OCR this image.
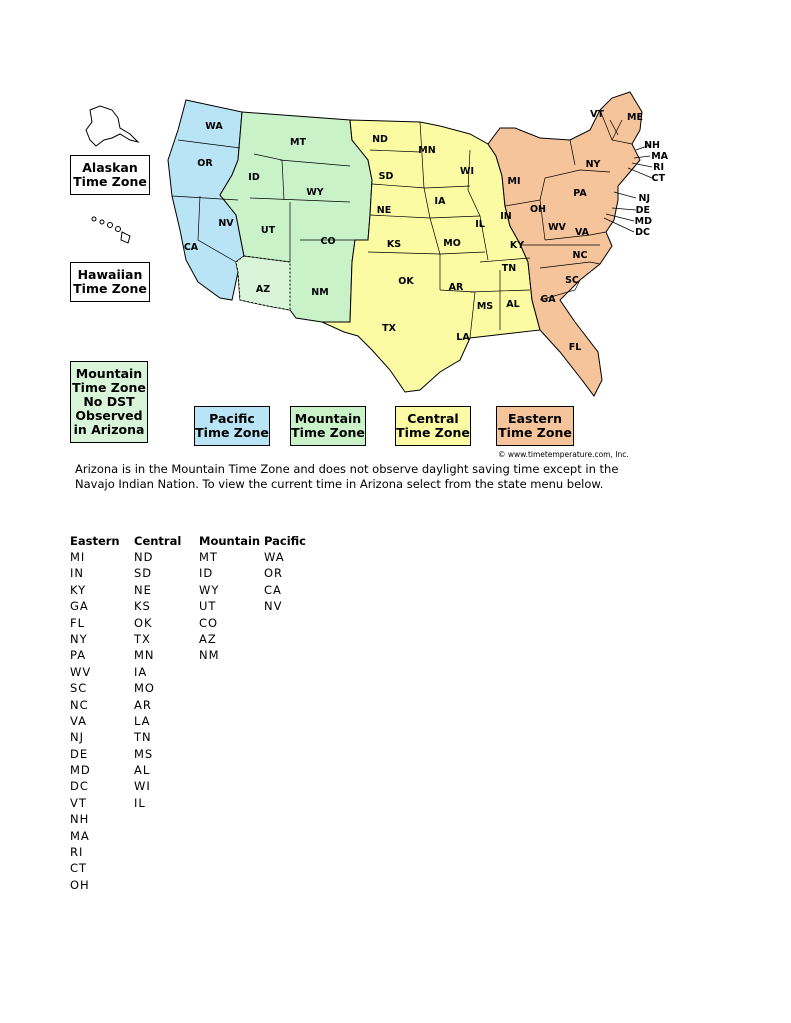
WA
OR
CA
NV
ID
MT
WY
UT
CO
AZ	NM
ND
SD
NE
KS
OK
TX
MN
IA
MO
AR
LA
WI
IL
MS AL
TN
KY
IN
MI
OH
GA
FL
SC
NC
VA
WV
PA
NY
VT ME
NH
MA
RI
CT
NJ
DE
MD
DC
Alaskan
Time Zone
Hawaiian
Time Zone
Mountain
Time Zone
No DST
Observed
in Arizona
Pacific
Time Zone
Mountain
Time Zone
Central
Time Zone
Eastern
Time Zone
© www.timetemperature.com, Inc.
Arizona is in the Mountain Time Zone and does not observe daylight saving time except in the
Navajo Indian Nation. To view the current time in Arizona select from the state menu below.
Eastern
MI
IN
KY
GA
FL
NY
PA
WV
SC
NC
VA
NJ
DE
MD
DC
VT
NH
MA
RI
CT
OH
Central
ND
SD
NE
KS
OK
TX
MN
IA
MO
AR
LA
TN
MS
AL
WI
IL
Mountain
MT
ID
WY
UT
CO
AZ
NM
Pacific
WA
OR
CA
NV
